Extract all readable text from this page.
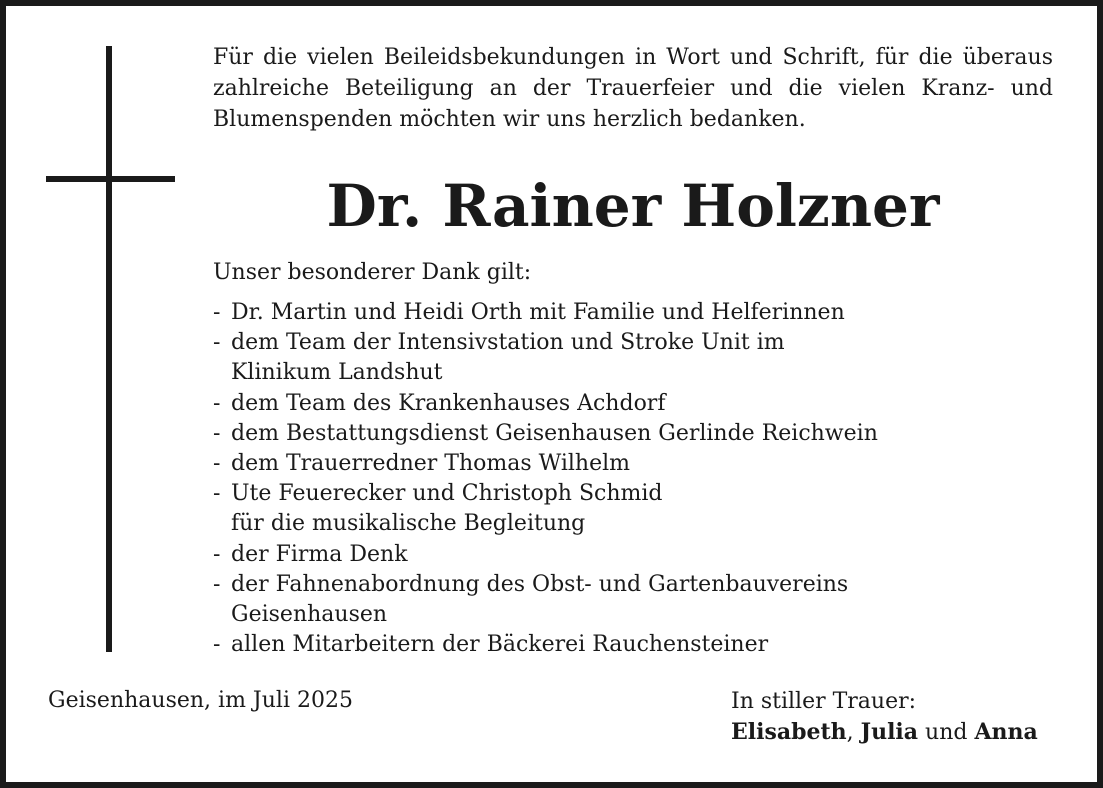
Für die vielen Beileidsbekundungen in Wort und Schrift, für die überaus zahlreiche Beteiligung an der Trauerfeier und die vielen Kranz- und Blumenspenden möchten wir uns herzlich bedanken.

Dr. Rainer Holzner

Unser besonderer Dank gilt:

- Dr. Martin und Heidi Orth mit Familie und Helferinnen
- dem Team der Intensivstation und Stroke Unit im
Klinikum Landshut
- dem Team des Krankenhauses Achdorf
- dem Bestattungsdienst Geisenhausen Gerlinde Reichwein
- dem Trauerredner Thomas Wilhelm
- Ute Feuerecker und Christoph Schmid
für die musikalische Begleitung
- der Firma Denk
- der Fahnenabordnung des Obst- und Gartenbauvereins
Geisenhausen
- allen Mitarbeitern der Bäckerei Rauchensteiner

Geisenhausen, im Juli 2025	In stiller Trauer:
Elisabeth, Julia und Anna
